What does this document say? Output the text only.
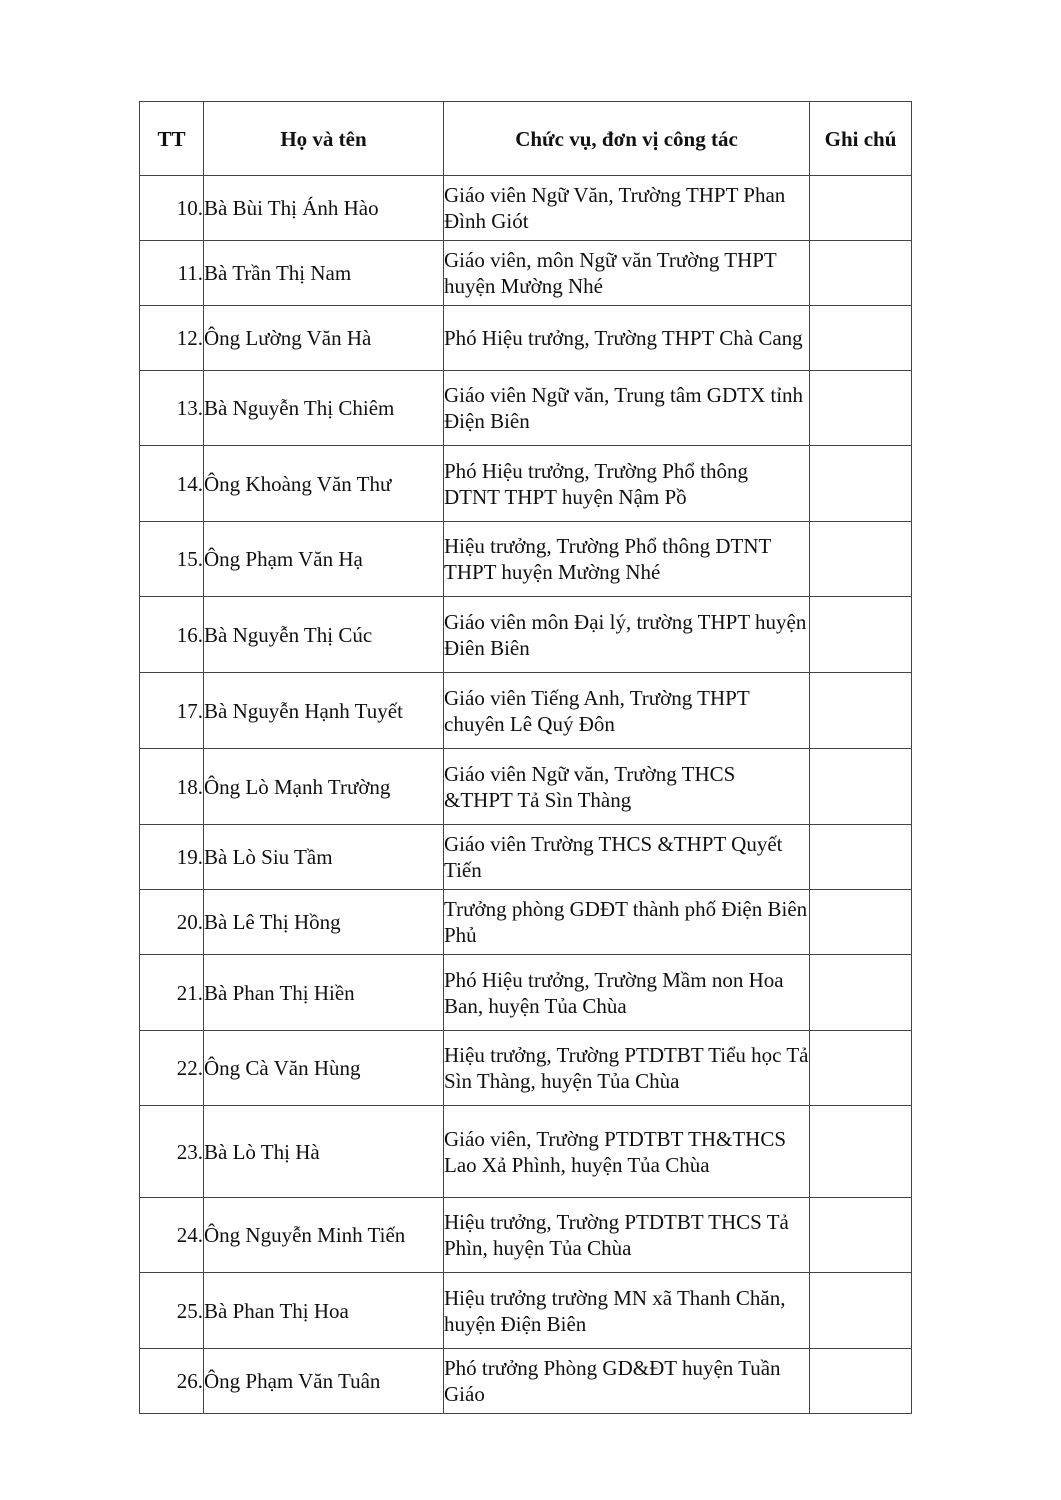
TT	Họ và tên	Chức vụ, đơn vị công tác	Ghi chú
10.	Bà Bùi Thị Ánh Hào	Giáo viên Ngữ Văn, Trường THPT Phan Đình Giót	
11.	Bà Trần Thị Nam	Giáo viên, môn Ngữ văn Trường THPT huyện Mường Nhé	
12.	Ông Lường Văn Hà	Phó Hiệu trưởng, Trường THPT Chà Cang	
13.	Bà Nguyễn Thị Chiêm	Giáo viên Ngữ văn, Trung tâm GDTX tỉnh Điện Biên	
14.	Ông Khoàng Văn Thư	Phó Hiệu trưởng, Trường Phổ thông DTNT THPT huyện Nậm Pồ	
15.	Ông Phạm Văn Hạ	Hiệu trưởng, Trường Phổ thông DTNT THPT huyện Mường Nhé	
16.	Bà Nguyễn Thị Cúc	Giáo viên môn Đại lý, trường THPT huyện Điên Biên	
17.	Bà Nguyễn Hạnh Tuyết	Giáo viên Tiếng Anh, Trường THPT chuyên Lê Quý Đôn	
18.	Ông Lò Mạnh Trường	Giáo viên Ngữ văn, Trường THCS &THPT Tả Sìn Thàng	
19.	Bà Lò Siu Tầm	Giáo viên Trường THCS &THPT Quyết Tiến	
20.	Bà Lê Thị Hồng	Trưởng phòng GDĐT thành phố Điện Biên Phủ	
21.	Bà Phan Thị Hiền	Phó Hiệu trưởng, Trường Mầm non Hoa Ban, huyện Tủa Chùa	
22.	Ông Cà Văn Hùng	Hiệu trưởng, Trường PTDTBT Tiểu học Tả Sìn Thàng, huyện Tủa Chùa	
23.	Bà Lò Thị Hà	Giáo viên, Trường PTDTBT TH&THCS Lao Xả Phình, huyện Tủa Chùa	
24.	Ông Nguyễn Minh Tiến	Hiệu trưởng, Trường PTDTBT THCS Tả Phìn, huyện Tủa Chùa	
25.	Bà Phan Thị Hoa	Hiệu trưởng trường MN xã Thanh Chăn, huyện Điện Biên	
26.	Ông Phạm Văn Tuân	Phó trưởng Phòng GD&ĐT huyện Tuần Giáo	
